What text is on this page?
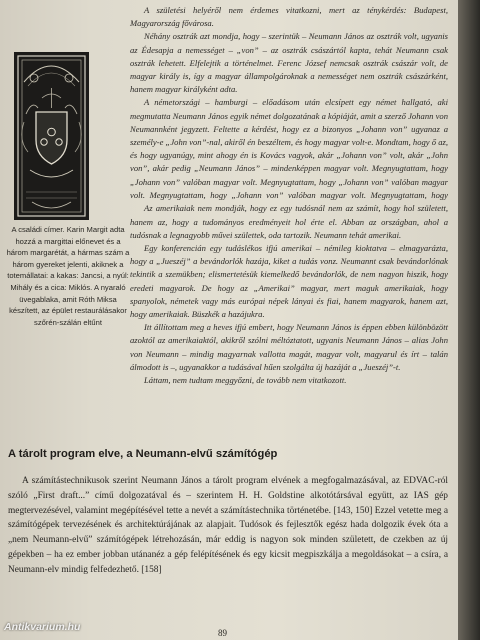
A családi címer. Karin Margit adta hozzá a margittai előnevet és a három margarétát, a hármas szám a három gyereket jelenti, akiknek a totemállatai: a kakas: Jancsi, a nyúl: Mihály és a cica: Miklós. A nyaraló üvegablaka, amit Róth Miksa készített, az épület restaurálásakor szőrén-szálán eltűnt

A születési helyéről nem érdemes vitatkozni, mert az ténykérdés: Budapest, Magyarország fővárosa.

Néhány osztrák azt mondja, hogy – szerintük – Neumann János az osztrák volt, ugyanis az Édesapja a nemességet – „von” – az osztrák császártól kapta, tehát Neumann csak osztrák lehetett. Elfelejtik a történelmet. Ferenc József nemcsak osztrák császár volt, de magyar király is, így a magyar állampolgároknak a nemességet nem osztrák császárként, hanem magyar királyként adta.

A németországi – hamburgi – előadásom után elcsípett egy német hallgató, aki megmutatta Neumann János egyik német dolgozatának a kópiáját, amit a szerző Johann von Neumannként jegyzett. Feltette a kérdést, hogy ez a bizonyos „Johann von” ugyanaz a személy-e „John von”-nal, akiről én beszéltem, és hogy magyar volt-e. Mondtam, hogy ő az, és hogy ugyanúgy, mint ahogy én is Kovács vagyok, akár „Johann von” volt, akár „John von”, akár pedig „Neumann János” – mindenképpen magyar volt. Megnyugtattam, hogy „Johann von” valóban magyar volt. Megnyugtattam, hogy „Johann von” valóban magyar volt. Megnyugtattam, hogy „Johann von” valóban magyar volt. Megnyugtattam, hogy

Az amerikaiak nem mondják, hogy ez egy tudósnál nem az számít, hogy hol született, hanem az, hogy a tudományos eredményeit hol érte el. Abban az országban, ahol a tudósnak a legnagyobb művei születtek, oda tartozik. Neumann tehát amerikai.

Egy konferencián egy tudáslékos ifjú amerikai – némileg kioktatva – elmagyarázta, hogy a „Jueszéj” a bevándorlók hazája, kiket a tudás vonz. Neumannt csak bevándorlónak tekintik a szemükben; elismertetésük kiemelkedő bevándorlók, de nem nagyon hiszik, hogy eredeti magyarok. De hogy az „Amerikai” magyar, mert maguk amerikaiak, hogy spanyolok, németek vagy más európai népek lányai és fiai, hanem magyarok, hanem azt, hogy amerikaiak. Büszkék a hazájukra.

Itt állítottam meg a heves ifjú embert, hogy Neumann János is éppen ebben különbözött azoktól az amerikaiaktól, akikről szólni méltóztatott, ugyanis Neumann János – alias John von Neumann – mindig magyarnak vallotta magát, magyar volt, magyarul és írt – talán álmodott is –, ugyanakkor a tudásával hűen szolgálta új hazáját a „Jueszéj”-t.

Láttam, nem tudtam meggyőzni, de tovább nem vitatkozott.

A tárolt program elve, a Neumann-elvű számítógép

A számítástechnikusok szerint Neumann János a tárolt program elvének a megfogalmazásával, az EDVAC-ról szóló „First draft...” című dolgozatával és – szerintem H. H. Goldstine alkotótársával együtt, az IAS gép megtervezésével, valamint megépítésével tette a nevét a számítástechnika történetébe. [143, 150] Ezzel vetette meg a számítógépek tervezésének és architektúrájának az alapjait. Tudósok és fejlesztők egész hada dolgozik évek óta a „nem Neumann-elvű” számítógépek létrehozásán, már eddig is nagyon sok minden született, de czekben az új gépekben – ha ez ember jobban utánanéz a gép felépítésének és egy kicsit megpiszkálja a megoldásokat – a csíra, a Neumann-elv mindig felfedezhető. [158]

89
Antikvarium.hu
